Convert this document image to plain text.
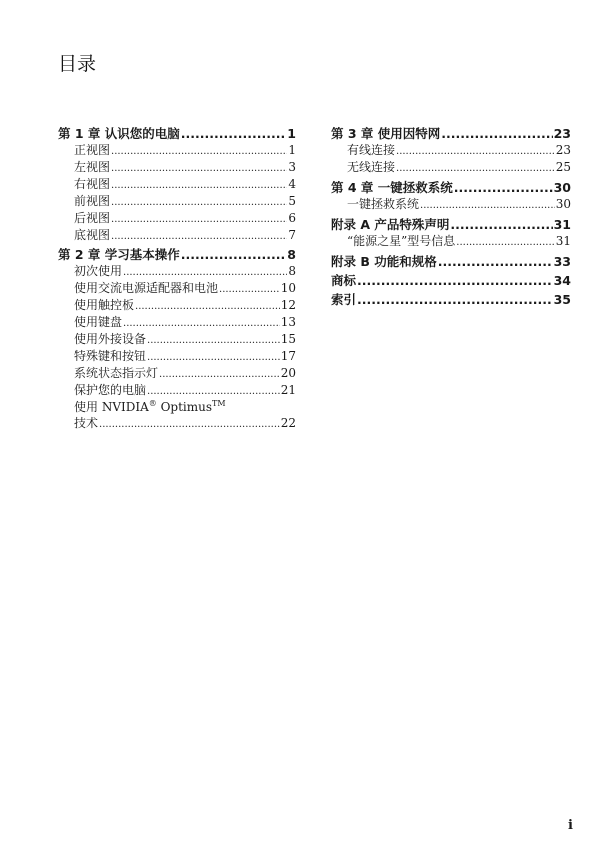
目录
第 1 章 认识您的电脑 .....	1
正视图 .....	1
左视图 .....	3
右视图 .....	4
前视图 .....	5
后视图 .....	6
底视图 .....	7
第 2 章 学习基本操作 .....	8
初次使用 .....	8
使用交流电源适配器和电池 .....	10
使用触控板 .....	12
使用键盘 .....	13
使用外接设备 .....	15
特殊键和按钮 .....	17
系统状态指示灯 .....	20
保护您的电脑 .....	21
使用 NVIDIA® Optimus™
技术 .....	22
第 3 章 使用因特网 .....	23
有线连接 .....	23
无线连接 .....	25
第 4 章 一键拯救系统 .....	30
一键拯救系统 .....	30
附录 A 产品特殊声明 .....	31
“能源之星”型号信息 .....	31
附录 B 功能和规格 .....	33
商标 .....	34
索引 .....	35
i
